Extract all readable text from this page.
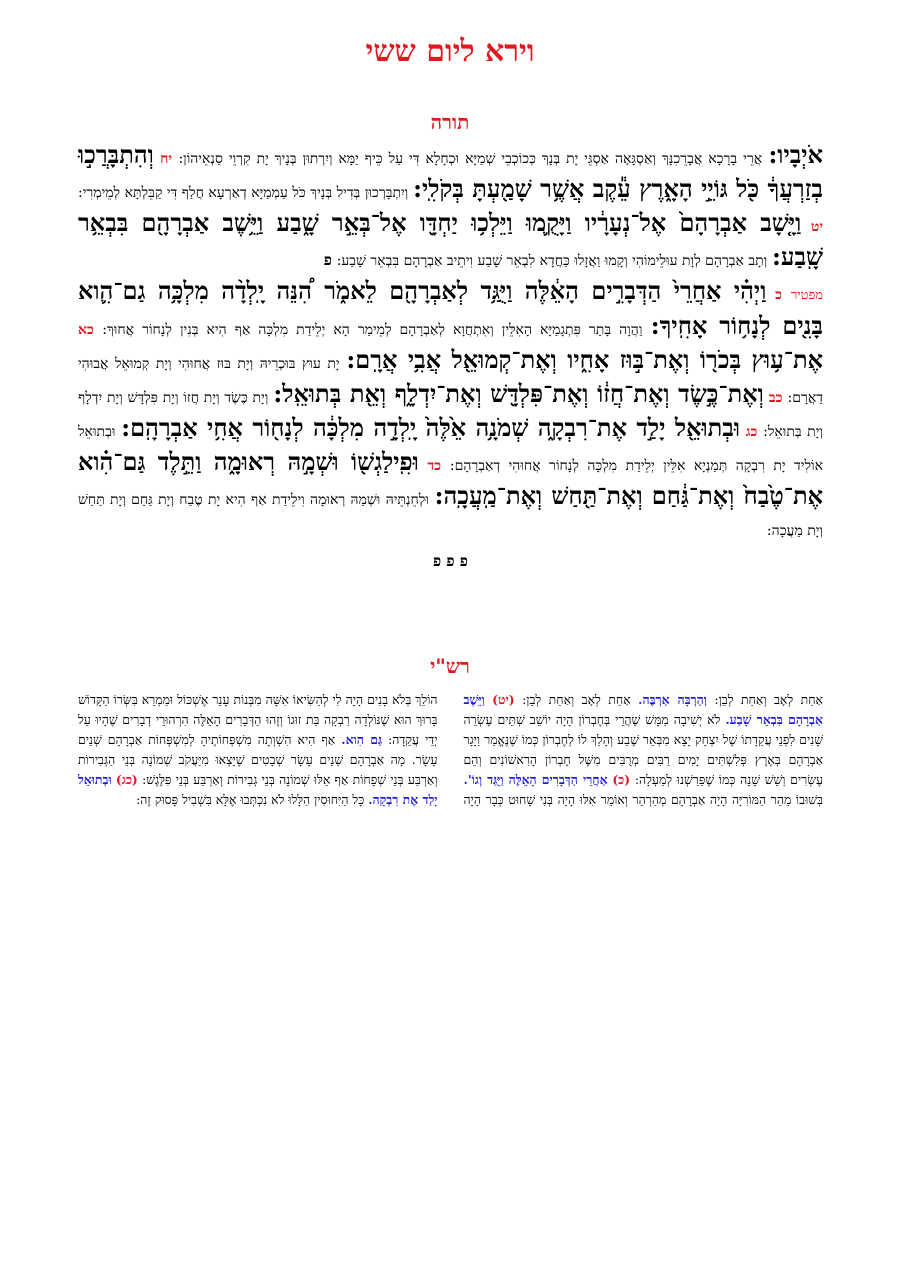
וירא ליום ששי
תורה

אֹיְבָיו: אֲרֵי בָרָכָא אֲבָרֵכִנָּךְ וְאַסְגָּאָה אַסְגֵּי יָת בְּנָךְ כְּכוֹכְבֵי שְׁמַיָּא וּכְחָלָא דִּי עַל כֵּיף יַמָּא וְיִרְתוּן בְּנָיךְ יָת קִרְוֵי סַנְאֵיהוֹן: יח וְהִתְבָּרֲכ֣וּ בְזַרְעֲךָ֔ כֹּ֖ל גּוֹיֵ֣י הָאָ֑רֶץ עֵ֕קֶב אֲשֶׁ֥ר שָׁמַ֖עְתָּ בְּקֹלִֽי: וְיִתְבָּרְכוּן בְּדִיל בְּנָיךְ כֹּל עַמְמַיָּא דְאַרְעָא חֲלַף דִּי קַבֵּלְתָּא לְמֵימְרִי: יט וַיָּ֤שָׁב אַבְרָהָם֙ אֶל־נְעָרָ֔יו וַיָּקֻ֛מוּ וַיֵּלְכ֥וּ יַחְדָּ֖ו אֶל־בְּאֵ֣ר שָׁ֑בַע וַיֵּ֥שֶׁב אַבְרָהָ֖ם בִּבְאֵ֥ר שָֽׁבַע: וְתָב אַבְרָהָם לְוָת עוּלֵימוֹהִי וְקָמוּ וַאֲזָלוּ כַּחֲדָא לִבְאֵר שָׁבַע וִיתֵיב אַבְרָהָם בִּבְאֵר שָׁבַע: פ

מפטיר כ וַיְהִ֗י אַחֲרֵי֙ הַדְּבָרִ֣ים הָאֵ֔לֶּה וַיֻּגַּ֥ד לְאַבְרָהָ֖ם לֵאמֹ֑ר הִ֠נֵּה יָֽלְדָ֨ה מִלְכָּ֥ה גַם־הִ֛וא בָּנִ֖ים לְנָח֥וֹר אָחִֽיךָ: וַהֲוָה בָּתַר פִּתְגָמַיָּא הָאִלֵּין וְאִתְחֲוָא לְאַבְרָהָם לְמֵימַר הָא יְלֵידַת מִלְכָּה אַף הִיא בְּנִין לְנָחוֹר אֲחוּךְ: כא אֶת־ע֥וּץ בְּכֹר֖וֹ וְאֶת־בּ֣וּז אָחִ֑יו וְאֶת־קְמוּאֵ֖ל אֲבִ֥י אֲרָֽם: יָת עוּץ בּוּכְרֵיהּ וְיָת בּוּז אֲחוּהִי וְיָת קְמוּאֵל אֲבוּהִי דַאֲרָם: כב וְאֶת־כֶּ֣שֶׂד וְאֶת־חֲז֔וֹ וְאֶת־פִּלְדָּ֖שׁ וְאֶת־יִדְלָ֑ף וְאֵ֖ת בְּתוּאֵֽל: וְיָת כֶּשֶׂד וְיָת חֲזוֹ וְיָת פִּלְדָּשׁ וְיָת יִדְלָף וְיָת בְּתוּאֵל: כג וּבְתוּאֵ֖ל יָלַ֣ד אֶת־רִבְקָ֑ה שְׁמֹנָ֥ה אֵ֙לֶּה֙ יָֽלְדָ֣ה מִלְכָּ֔ה לְנָח֖וֹר אֲחִ֥י אַבְרָהָֽם: וּבְתוּאֵל אוֹלִיד יָת רִבְקָה תְּמַנְיָא אִלֵּין יְלֵידַת מִלְכָּה לְנָחוֹר אֲחוּהִי דְאַבְרָהָם: כד וּפִֽילַגְשׁ֖וֹ וּשְׁמָ֣הּ רְאוּמָ֑ה וַתֵּ֣לֶד גַּם־הִ֗וא אֶת־טֶ֙בַח֙ וְאֶת־גַּ֔חַם וְאֶת־תַּ֖חַשׁ וְאֶת־מַֽעֲכָֽה: וּלְחֵנְתֵּיהּ וּשְׁמַהּ רְאוּמָה וִילֵידַת אַף הִיא יָת טֶבַח וְיָת גַּחַם וְיָת תַּחַשׁ וְיָת מַעֲכָה:

פ פ פ

רש"י

אַחַת לְאָב וְאַחַת לְבֵן: וְהַרְבָּה אַרְבֶּה. אַחַת לְאָב וְאַחַת לְבֵן: (יט) וַיֵּשֶׁב אַבְרָהָם בִּבְאֵר שָׁבַע. לֹא יְשִׁיבָה מַמָּשׁ שֶׁהֲרֵי בְּחֶבְרוֹן הָיָה יוֹשֵׁב שְׁתֵּים עֶשְׂרֵה שָׁנִים לִפְנֵי עֲקֵדָתוֹ שֶׁל יִצְחָק יָצָא מִבְּאֵר שֶׁבַע וְהָלַךְ לוֹ לְחֶבְרוֹן כְּמוֹ שֶׁנֶּאֱמַר וַיָּגָר אַבְרָהָם בְּאֶרֶץ פְּלִשְׁתִּים יָמִים רַבִּים מְרֻבִּים מִשֶּׁל חֶבְרוֹן הָרִאשׁוֹנִים וְהֵם עֶשְׂרִים וְשֵׁשׁ שָׁנָה כְּמוֹ שֶׁפֵּרַשְׁנוּ לְמַעְלָה: (כ) אַחֲרֵי הַדְּבָרִים הָאֵלֶּה וַיֻּגַּד וְגוֹ'. בְּשׁוּבוֹ מֵהַר הַמּוֹרִיָּה הָיָה אַבְרָהָם מְהַרְהֵר וְאוֹמֵר אִלּוּ הָיָה בְּנִי שָׁחוּט כְּבָר הָיָה הוֹלֵךְ בְּלֹא בָנִים הָיָה לִי לְהַשִּׂיאוֹ אִשָּׁה מִבְּנוֹת עָנֵר אֶשְׁכּוֹל וּמַמְרֵא בִּשְּׂרוֹ הַקָּדוֹשׁ בָּרוּךְ הוּא שֶׁנּוֹלְדָה רִבְקָה בַּת זוּגוֹ וְזֶהוּ הַדְּבָרִים הָאֵלֶּה הִרְהוּרֵי דְבָרִים שֶׁהָיוּ עַל יְדֵי עֲקֵדָה: גַּם הִוא. אַף הִיא הִשְׁוְתָה מִשְׁפְּחוֹתֶיהָ לְמִשְׁפְּחוֹת אַבְרָהָם שְׁנֵים עָשָׂר. מָה אַבְרָהָם שְׁנֵים עָשָׂר שְׁבָטִים שֶׁיָּצְאוּ מִיַּעֲקֹב שְׁמוֹנָה בְּנֵי הַגְּבִירוֹת וְאַרְבַּע בְּנֵי שְׁפָחוֹת אַף אֵלּוּ שְׁמוֹנָה בְּנֵי גְבִירוֹת וְאַרְבַּע בְּנֵי פִּלֶּגֶשׁ: (כג) וּבְתוּאֵל יָלַד אֶת רִבְקָה. כָּל הַיִּחוּסִין הַלָּלוּ לֹא נִכְתְּבוּ אֶלָּא בִּשְׁבִיל פָּסוּק זֶה:
